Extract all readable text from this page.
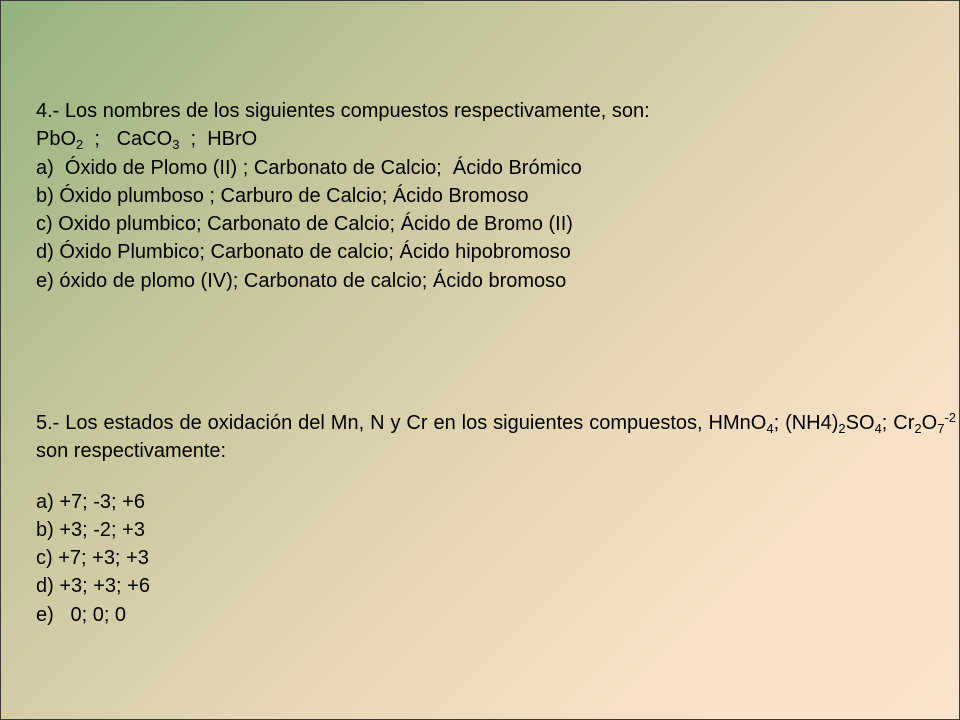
4.- Los nombres de los siguientes compuestos respectivamente, son:
PbO$_2$  ;   CaCO$_3$  ;  HBrO
a)  Óxido de Plomo (II) ; Carbonato de Calcio;  Ácido Brómico
b) Óxido plumboso ; Carburo de Calcio; Ácido Bromoso
c) Oxido plumbico; Carbonato de Calcio; Ácido de Bromo (II)
d) Óxido Plumbico; Carbonato de calcio; Ácido hipobromoso
e) óxido de plomo (IV); Carbonato de calcio; Ácido bromoso
5.- Los estados de oxidación del Mn, N y Cr en los siguientes compuestos, HMnO$_4$; $(NH4)_2SO_4$; $Cr_2O_7^{-2}$ son respectivamente:
a) +7; -3; +6
b) +3; -2; +3
c) +7; +3; +3
d) +3; +3; +6
e)   0; 0; 0
